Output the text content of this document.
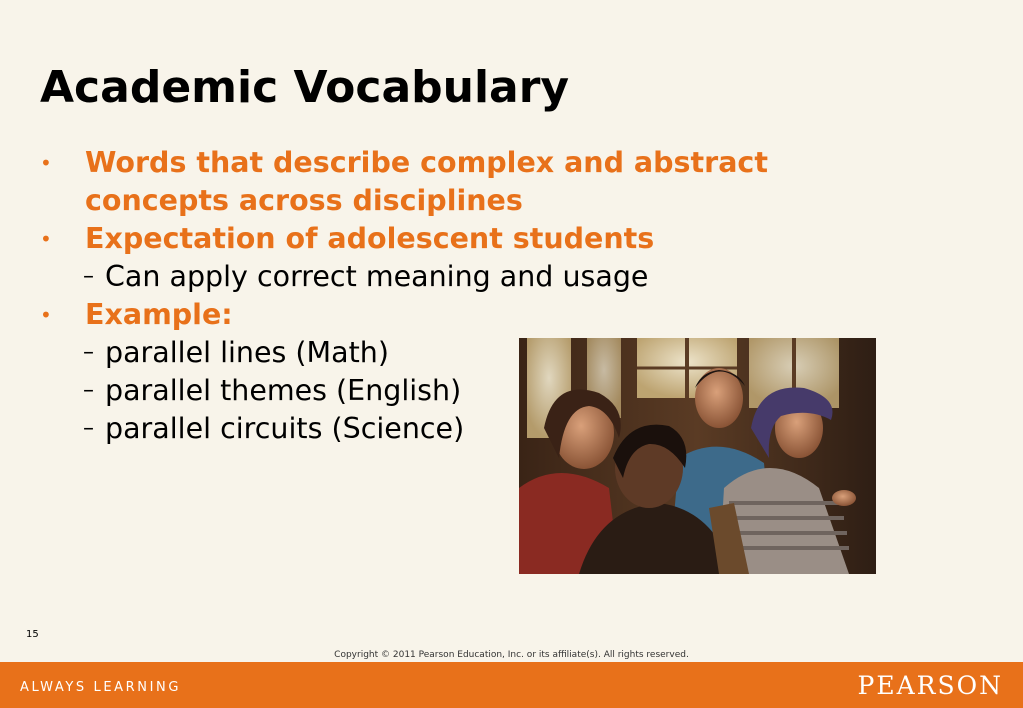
Academic Vocabulary
•	Words that describe complex and abstract concepts across disciplines
•	Expectation of adolescent students
– Can apply correct meaning and usage
•	Example:
– parallel lines (Math)
– parallel themes (English)
– parallel circuits (Science)
15
Copyright © 2011 Pearson Education, Inc. or its affiliate(s). All rights reserved.
ALWAYS LEARNING	PEARSON
